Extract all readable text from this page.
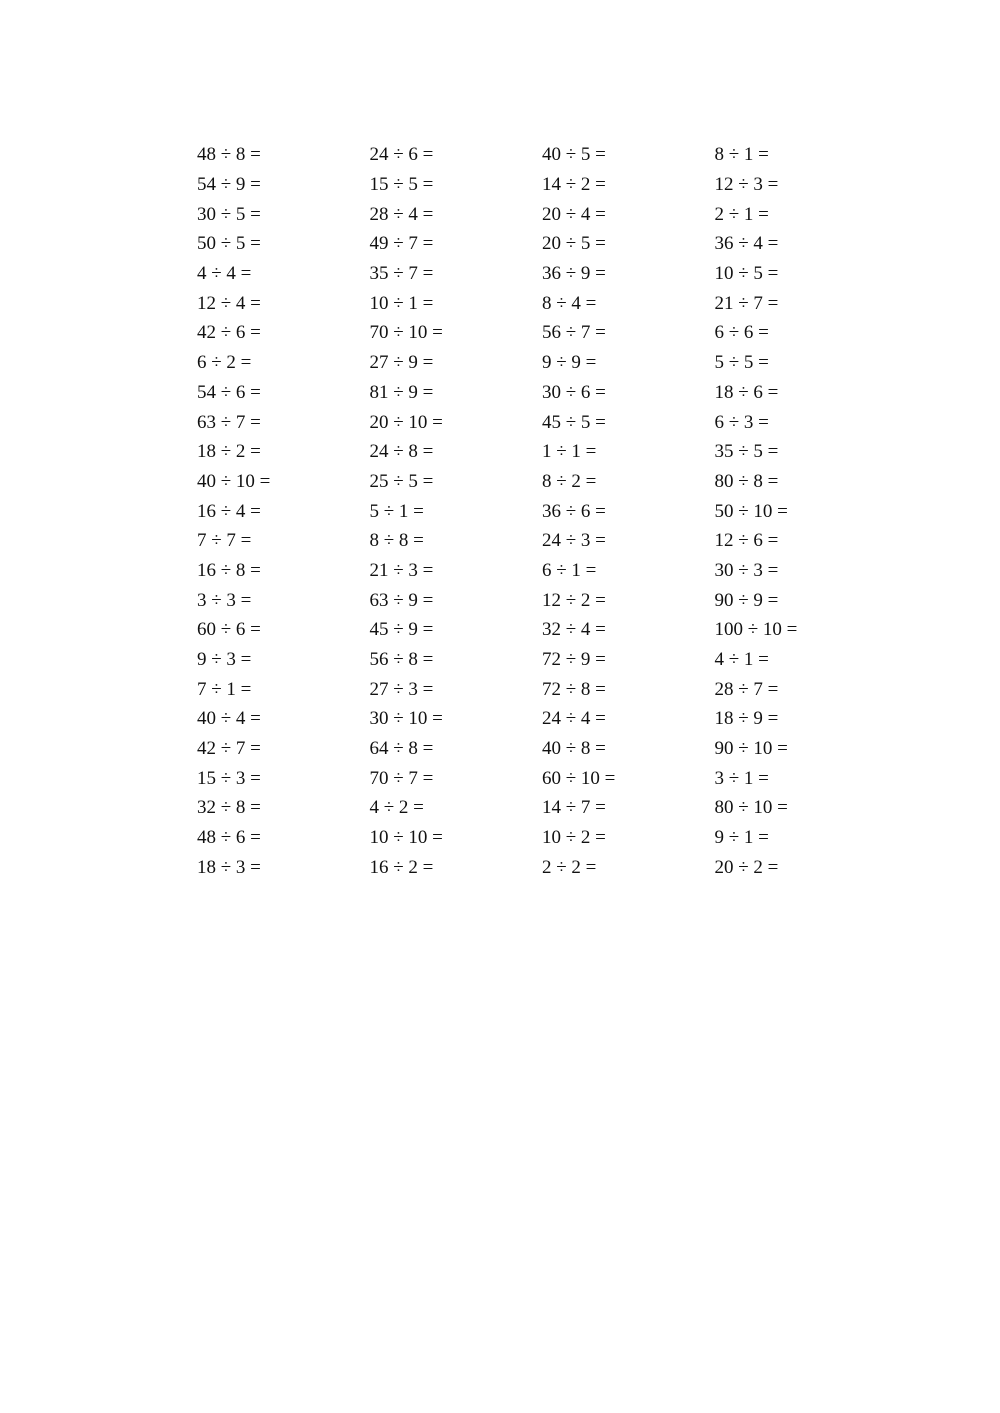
48 ÷ 8 =	24 ÷ 6 =	40 ÷ 5 =	8 ÷ 1 =
54 ÷ 9 =	15 ÷ 5 =	14 ÷ 2 =	12 ÷ 3 =
30 ÷ 5 =	28 ÷ 4 =	20 ÷ 4 =	2 ÷ 1 =
50 ÷ 5 =	49 ÷ 7 =	20 ÷ 5 =	36 ÷ 4 =
4 ÷ 4 =	35 ÷ 7 =	36 ÷ 9 =	10 ÷ 5 =
12 ÷ 4 =	10 ÷ 1 =	8 ÷ 4 =	21 ÷ 7 =
42 ÷ 6 =	70 ÷ 10 =	56 ÷ 7 =	6 ÷ 6 =
6 ÷ 2 =	27 ÷ 9 =	9 ÷ 9 =	5 ÷ 5 =
54 ÷ 6 =	81 ÷ 9 =	30 ÷ 6 =	18 ÷ 6 =
63 ÷ 7 =	20 ÷ 10 =	45 ÷ 5 =	6 ÷ 3 =
18 ÷ 2 =	24 ÷ 8 =	1 ÷ 1 =	35 ÷ 5 =
40 ÷ 10 =	25 ÷ 5 =	8 ÷ 2 =	80 ÷ 8 =
16 ÷ 4 =	5 ÷ 1 =	36 ÷ 6 =	50 ÷ 10 =
7 ÷ 7 =	8 ÷ 8 =	24 ÷ 3 =	12 ÷ 6 =
16 ÷ 8 =	21 ÷ 3 =	6 ÷ 1 =	30 ÷ 3 =
3 ÷ 3 =	63 ÷ 9 =	12 ÷ 2 =	90 ÷ 9 =
60 ÷ 6 =	45 ÷ 9 =	32 ÷ 4 =	100 ÷ 10 =
9 ÷ 3 =	56 ÷ 8 =	72 ÷ 9 =	4 ÷ 1 =
7 ÷ 1 =	27 ÷ 3 =	72 ÷ 8 =	28 ÷ 7 =
40 ÷ 4 =	30 ÷ 10 =	24 ÷ 4 =	18 ÷ 9 =
42 ÷ 7 =	64 ÷ 8 =	40 ÷ 8 =	90 ÷ 10 =
15 ÷ 3 =	70 ÷ 7 =	60 ÷ 10 =	3 ÷ 1 =
32 ÷ 8 =	4 ÷ 2 =	14 ÷ 7 =	80 ÷ 10 =
48 ÷ 6 =	10 ÷ 10 =	10 ÷ 2 =	9 ÷ 1 =
18 ÷ 3 =	16 ÷ 2 =	2 ÷ 2 =	20 ÷ 2 =
